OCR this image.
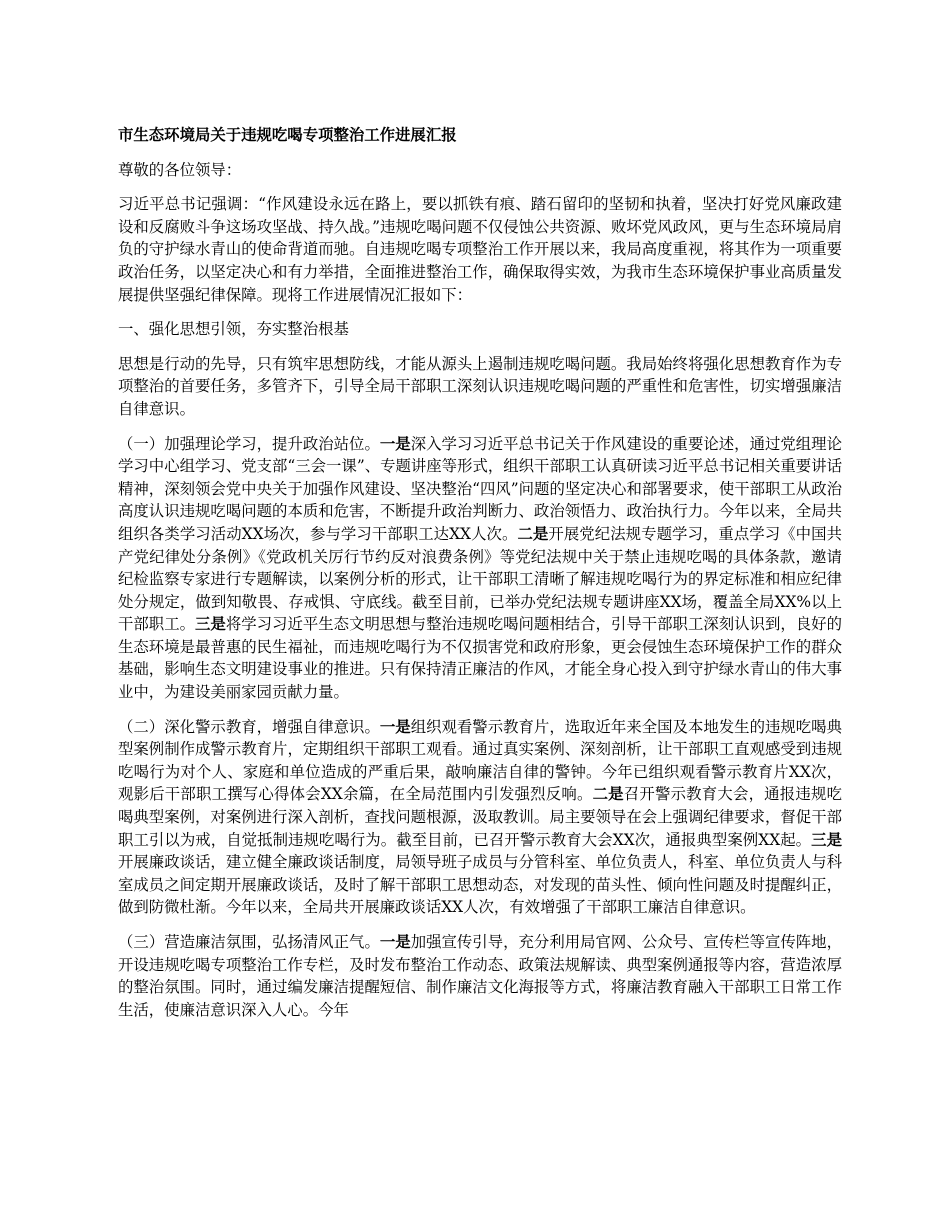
市生态环境局关于违规吃喝专项整治工作进展汇报
尊敬的各位领导：
习近平总书记强调：“作风建设永远在路上，要以抓铁有痕、踏石留印的坚韧和执着，坚决打好党风廉政建设和反腐败斗争这场攻坚战、持久战。”违规吃喝问题不仅侵蚀公共资源、败坏党风政风，更与生态环境局肩负的守护绿水青山的使命背道而驰。自违规吃喝专项整治工作开展以来，我局高度重视，将其作为一项重要政治任务，以坚定决心和有力举措，全面推进整治工作，确保取得实效，为我市生态环境保护事业高质量发展提供坚强纪律保障。现将工作进展情况汇报如下：
一、强化思想引领，夯实整治根基
思想是行动的先导，只有筑牢思想防线，才能从源头上遏制违规吃喝问题。我局始终将强化思想教育作为专项整治的首要任务，多管齐下，引导全局干部职工深刻认识违规吃喝问题的严重性和危害性，切实增强廉洁自律意识。
（一）加强理论学习，提升政治站位。一是深入学习习近平总书记关于作风建设的重要论述，通过党组理论学习中心组学习、党支部“三会一课”、专题讲座等形式，组织干部职工认真研读习近平总书记相关重要讲话精神，深刻领会党中央关于加强作风建设、坚决整治“四风”问题的坚定决心和部署要求，使干部职工从政治高度认识违规吃喝问题的本质和危害，不断提升政治判断力、政治领悟力、政治执行力。今年以来，全局共组织各类学习活动XX场次，参与学习干部职工达XX人次。二是开展党纪法规专题学习，重点学习《中国共产党纪律处分条例》《党政机关厉行节约反对浪费条例》等党纪法规中关于禁止违规吃喝的具体条款，邀请纪检监察专家进行专题解读，以案例分析的形式，让干部职工清晰了解违规吃喝行为的界定标准和相应纪律处分规定，做到知敬畏、存戒惧、守底线。截至目前，已举办党纪法规专题讲座XX场，覆盖全局XX%以上干部职工。三是将学习习近平生态文明思想与整治违规吃喝问题相结合，引导干部职工深刻认识到，良好的生态环境是最普惠的民生福祉，而违规吃喝行为不仅损害党和政府形象，更会侵蚀生态环境保护工作的群众基础，影响生态文明建设事业的推进。只有保持清正廉洁的作风，才能全身心投入到守护绿水青山的伟大事业中，为建设美丽家园贡献力量。
（二）深化警示教育，增强自律意识。一是组织观看警示教育片，选取近年来全国及本地发生的违规吃喝典型案例制作成警示教育片，定期组织干部职工观看。通过真实案例、深刻剖析，让干部职工直观感受到违规吃喝行为对个人、家庭和单位造成的严重后果，敲响廉洁自律的警钟。今年已组织观看警示教育片XX次，观影后干部职工撰写心得体会XX余篇，在全局范围内引发强烈反响。二是召开警示教育大会，通报违规吃喝典型案例，对案例进行深入剖析，查找问题根源，汲取教训。局主要领导在会上强调纪律要求，督促干部职工引以为戒，自觉抵制违规吃喝行为。截至目前，已召开警示教育大会XX次，通报典型案例XX起。三是开展廉政谈话，建立健全廉政谈话制度，局领导班子成员与分管科室、单位负责人，科室、单位负责人与科室成员之间定期开展廉政谈话，及时了解干部职工思想动态，对发现的苗头性、倾向性问题及时提醒纠正，做到防微杜渐。今年以来，全局共开展廉政谈话XX人次，有效增强了干部职工廉洁自律意识。
（三）营造廉洁氛围，弘扬清风正气。一是加强宣传引导，充分利用局官网、公众号、宣传栏等宣传阵地，开设违规吃喝专项整治工作专栏，及时发布整治工作动态、政策法规解读、典型案例通报等内容，营造浓厚的整治氛围。同时，通过编发廉洁提醒短信、制作廉洁文化海报等方式，将廉洁教育融入干部职工日常工作生活，使廉洁意识深入人心。今年
